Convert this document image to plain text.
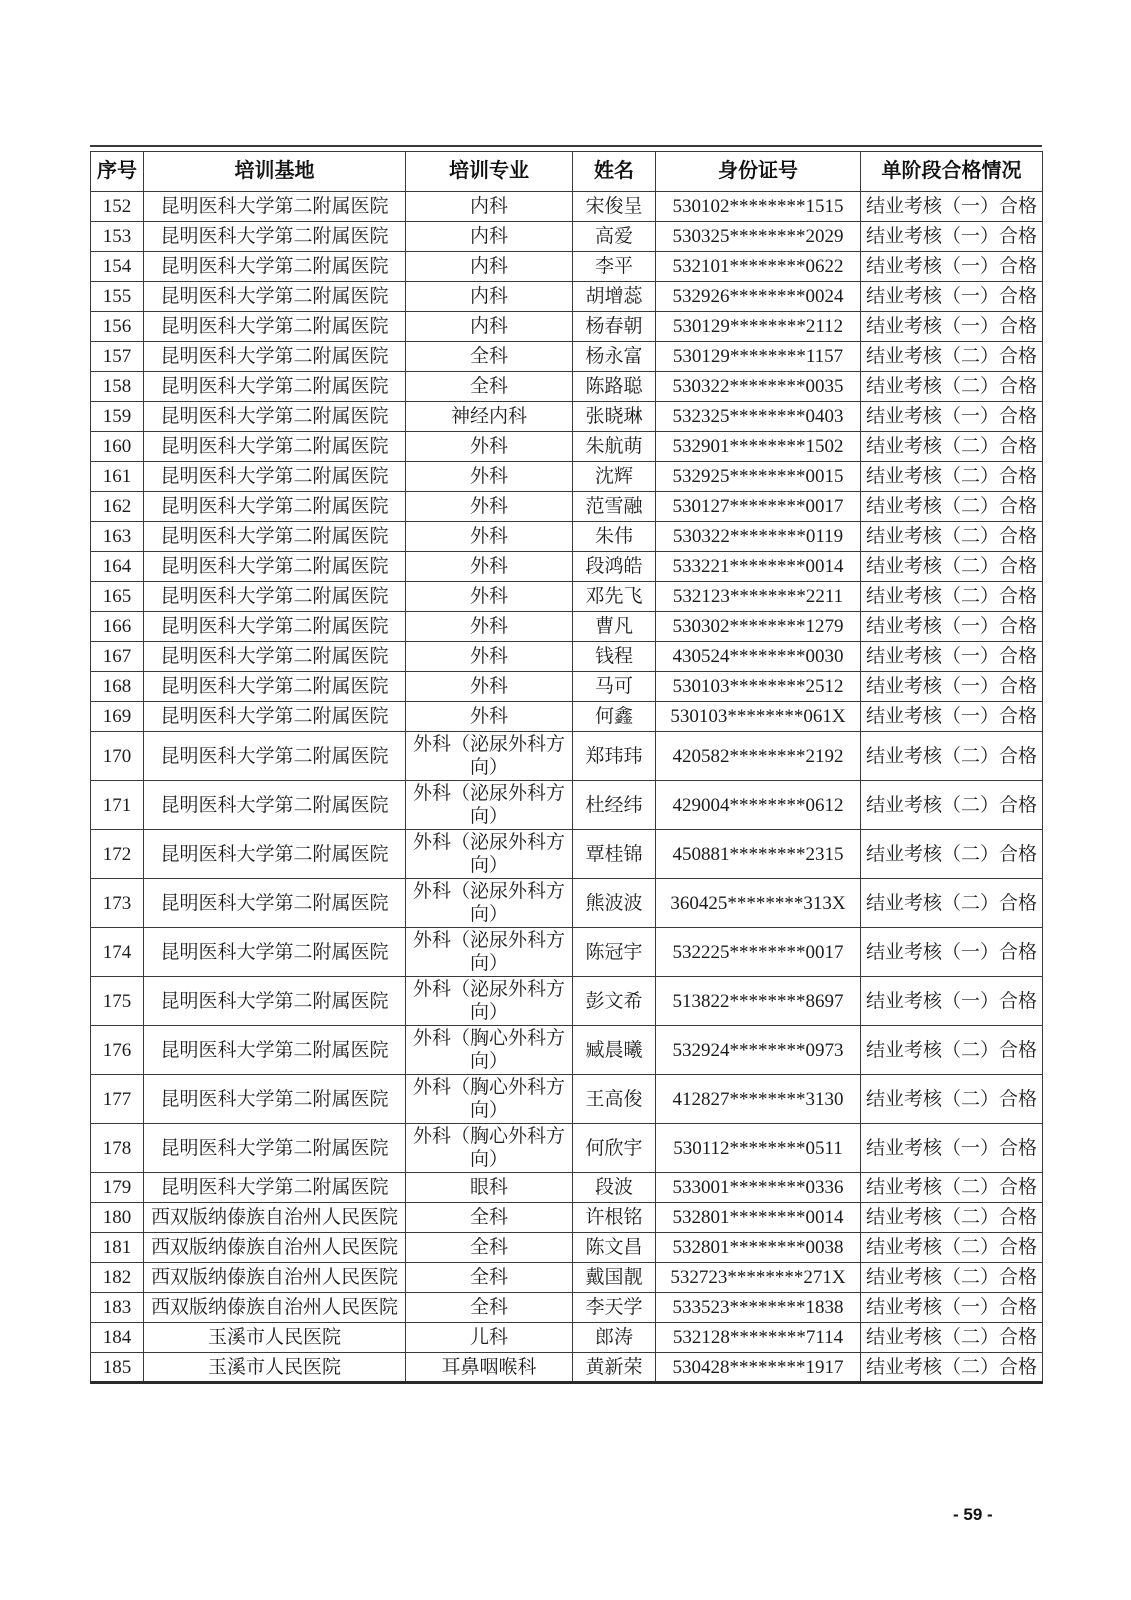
序号	培训基地	培训专业	姓名	身份证号	单阶段合格情况
152	昆明医科大学第二附属医院	内科	宋俊呈	530102********1515	结业考核（一）合格
153	昆明医科大学第二附属医院	内科	高爱	530325********2029	结业考核（一）合格
154	昆明医科大学第二附属医院	内科	李平	532101********0622	结业考核（一）合格
155	昆明医科大学第二附属医院	内科	胡增蕊	532926********0024	结业考核（一）合格
156	昆明医科大学第二附属医院	内科	杨春朝	530129********2112	结业考核（一）合格
157	昆明医科大学第二附属医院	全科	杨永富	530129********1157	结业考核（二）合格
158	昆明医科大学第二附属医院	全科	陈路聪	530322********0035	结业考核（二）合格
159	昆明医科大学第二附属医院	神经内科	张晓琳	532325********0403	结业考核（一）合格
160	昆明医科大学第二附属医院	外科	朱航萌	532901********1502	结业考核（二）合格
161	昆明医科大学第二附属医院	外科	沈辉	532925********0015	结业考核（二）合格
162	昆明医科大学第二附属医院	外科	范雪融	530127********0017	结业考核（二）合格
163	昆明医科大学第二附属医院	外科	朱伟	530322********0119	结业考核（二）合格
164	昆明医科大学第二附属医院	外科	段鸿皓	533221********0014	结业考核（二）合格
165	昆明医科大学第二附属医院	外科	邓先飞	532123********2211	结业考核（二）合格
166	昆明医科大学第二附属医院	外科	曹凡	530302********1279	结业考核（一）合格
167	昆明医科大学第二附属医院	外科	钱程	430524********0030	结业考核（一）合格
168	昆明医科大学第二附属医院	外科	马可	530103********2512	结业考核（一）合格
169	昆明医科大学第二附属医院	外科	何鑫	530103********061X	结业考核（一）合格
170	昆明医科大学第二附属医院	外科（泌尿外科方向）	郑玮玮	420582********2192	结业考核（二）合格
171	昆明医科大学第二附属医院	外科（泌尿外科方向）	杜经纬	429004********0612	结业考核（二）合格
172	昆明医科大学第二附属医院	外科（泌尿外科方向）	覃桂锦	450881********2315	结业考核（二）合格
173	昆明医科大学第二附属医院	外科（泌尿外科方向）	熊波波	360425********313X	结业考核（二）合格
174	昆明医科大学第二附属医院	外科（泌尿外科方向）	陈冠宇	532225********0017	结业考核（一）合格
175	昆明医科大学第二附属医院	外科（泌尿外科方向）	彭文希	513822********8697	结业考核（一）合格
176	昆明医科大学第二附属医院	外科（胸心外科方向）	臧晨曦	532924********0973	结业考核（二）合格
177	昆明医科大学第二附属医院	外科（胸心外科方向）	王高俊	412827********3130	结业考核（二）合格
178	昆明医科大学第二附属医院	外科（胸心外科方向）	何欣宇	530112********0511	结业考核（一）合格
179	昆明医科大学第二附属医院	眼科	段波	533001********0336	结业考核（二）合格
180	西双版纳傣族自治州人民医院	全科	许根铭	532801********0014	结业考核（二）合格
181	西双版纳傣族自治州人民医院	全科	陈文昌	532801********0038	结业考核（二）合格
182	西双版纳傣族自治州人民医院	全科	戴国靓	532723********271X	结业考核（二）合格
183	西双版纳傣族自治州人民医院	全科	李天学	533523********1838	结业考核（一）合格
184	玉溪市人民医院	儿科	郎涛	532128********7114	结业考核（二）合格
185	玉溪市人民医院	耳鼻咽喉科	黄新荣	530428********1917	结业考核（二）合格
- 59 -
